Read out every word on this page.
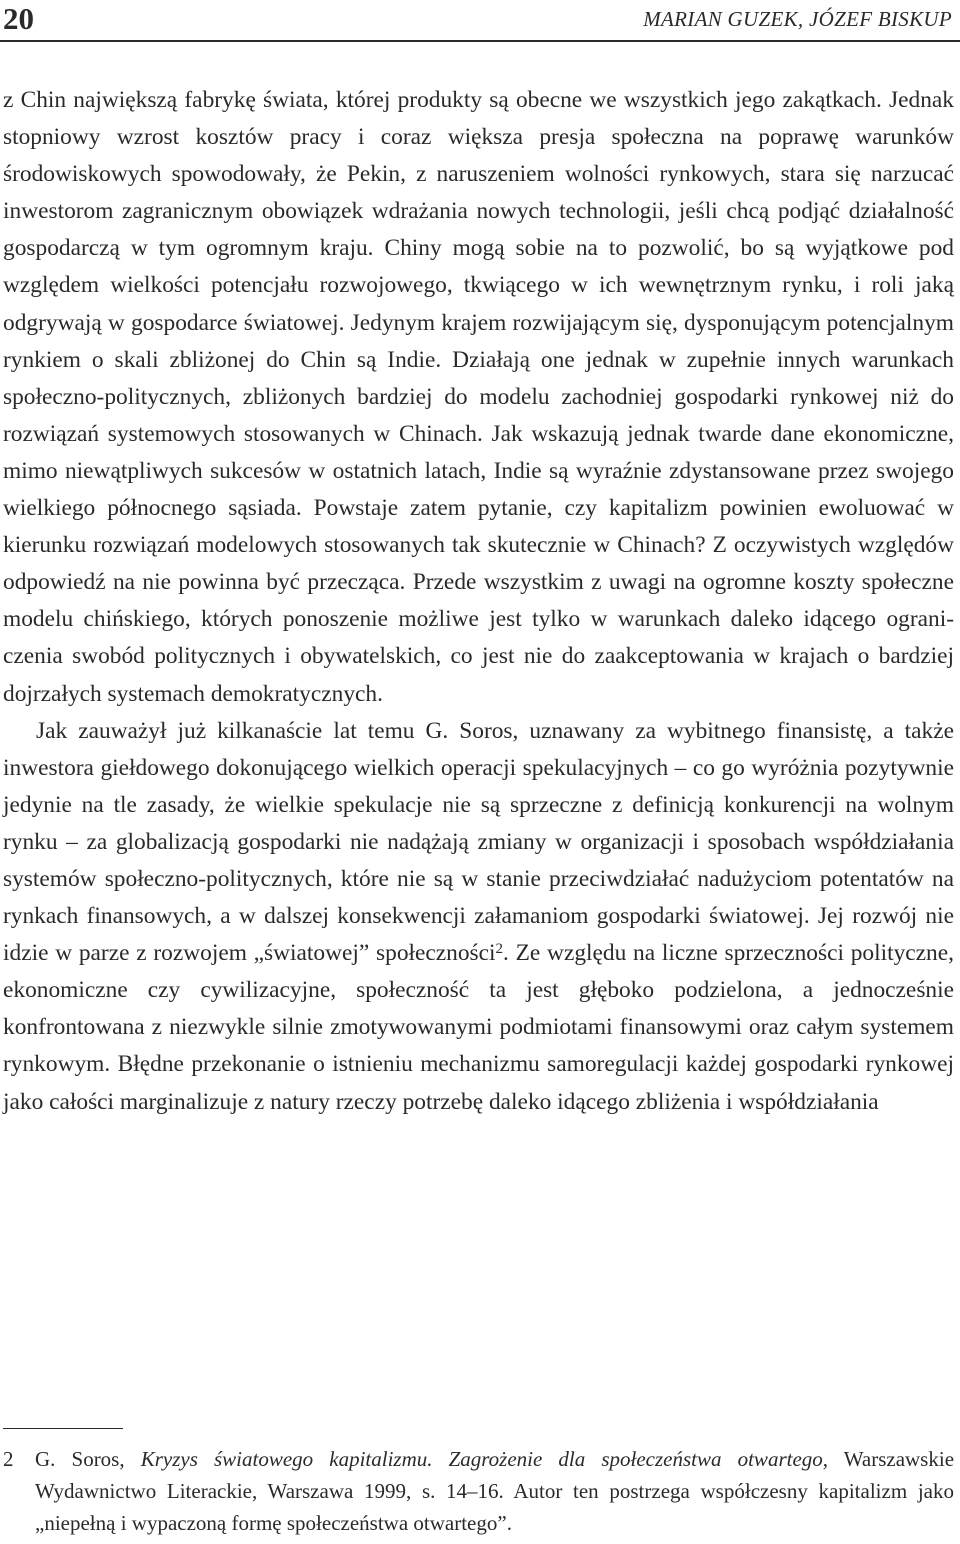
20	MARIAN GUZEK, JÓZEF BISKUP

z Chin największą fabrykę świata, której produkty są obecne we wszystkich jego zakątkach. Jednak stopniowy wzrost kosztów pracy i coraz większa presja społeczna na poprawę warunków środowiskowych spowodowały, że Pekin, z naruszeniem wolności rynkowych, stara się narzucać inwestorom zagranicznym obowiązek wdrażania nowych technologii, jeśli chcą podjąć działalność gospodarczą w tym ogromnym kraju. Chiny mogą sobie na to pozwolić, bo są wyjątkowe pod względem wielkości potencjału rozwojowego, tkwiącego w ich wewnętrznym rynku, i roli jaką odgrywają w gospodarce światowej. Jedynym krajem rozwijającym się, dysponującym potencjalnym rynkiem o skali zbliżonej do Chin są Indie. Działają one jednak w zupełnie innych warunkach społeczno-politycznych, zbliżonych bardziej do modelu zachodniej gospodarki rynkowej niż do rozwiązań systemowych stosowanych w Chinach. Jak wskazują jednak twarde dane ekonomiczne, mimo niewątpliwych sukcesów w ostatnich latach, Indie są wyraźnie zdystansowane przez swojego wielkiego północnego sąsiada. Powstaje zatem pytanie, czy kapitalizm powinien ewoluować w kierunku rozwiązań modelowych stosowanych tak skutecznie w Chinach? Z oczywistych względów odpowiedź na nie powinna być przecząca. Przede wszystkim z uwagi na ogromne koszty społeczne modelu chińskiego, których ponoszenie możliwe jest tylko w warunkach daleko idącego ograniczenia swobód politycznych i obywatelskich, co jest nie do zaakceptowania w krajach o bardziej dojrzałych systemach demokratycznych.

Jak zauważył już kilkanaście lat temu G. Soros, uznawany za wybitnego finansistę, a także inwestora giełdowego dokonującego wielkich operacji spekulacyjnych – co go wyróżnia pozytywnie jedynie na tle zasady, że wielkie spekulacje nie są sprzeczne z definicją konkurencji na wolnym rynku – za globalizacją gospodarki nie nadążają zmiany w organizacji i sposobach współdziałania systemów społeczno-politycznych, które nie są w stanie przeciwdziałać nadużyciom potentatów na rynkach finansowych, a w dalszej konsekwencji załamaniom gospodarki światowej. Jej rozwój nie idzie w parze z rozwojem „światowej” społeczności$^2$. Ze względu na liczne sprzeczności polityczne, ekonomiczne czy cywilizacyjne, społeczność ta jest głęboko podzielona, a jednocześnie konfrontowana z niezwykle silnie zmotywowanymi podmiotami finansowymi oraz całym systemem rynkowym. Błędne przekonanie o istnieniu mechanizmu samoregulacji każdej gospodarki rynkowej jako całości marginalizuje z natury rzeczy potrzebę daleko idącego zbliżenia i współdziałania

2 G. Soros, Kryzys światowego kapitalizmu. Zagrożenie dla społeczeństwa otwartego, Warszawskie Wydawnictwo Literackie, Warszawa 1999, s. 14–16. Autor ten postrzega współczesny kapitalizm jako „niepełną i wypaczoną formę społeczeństwa otwartego”.
